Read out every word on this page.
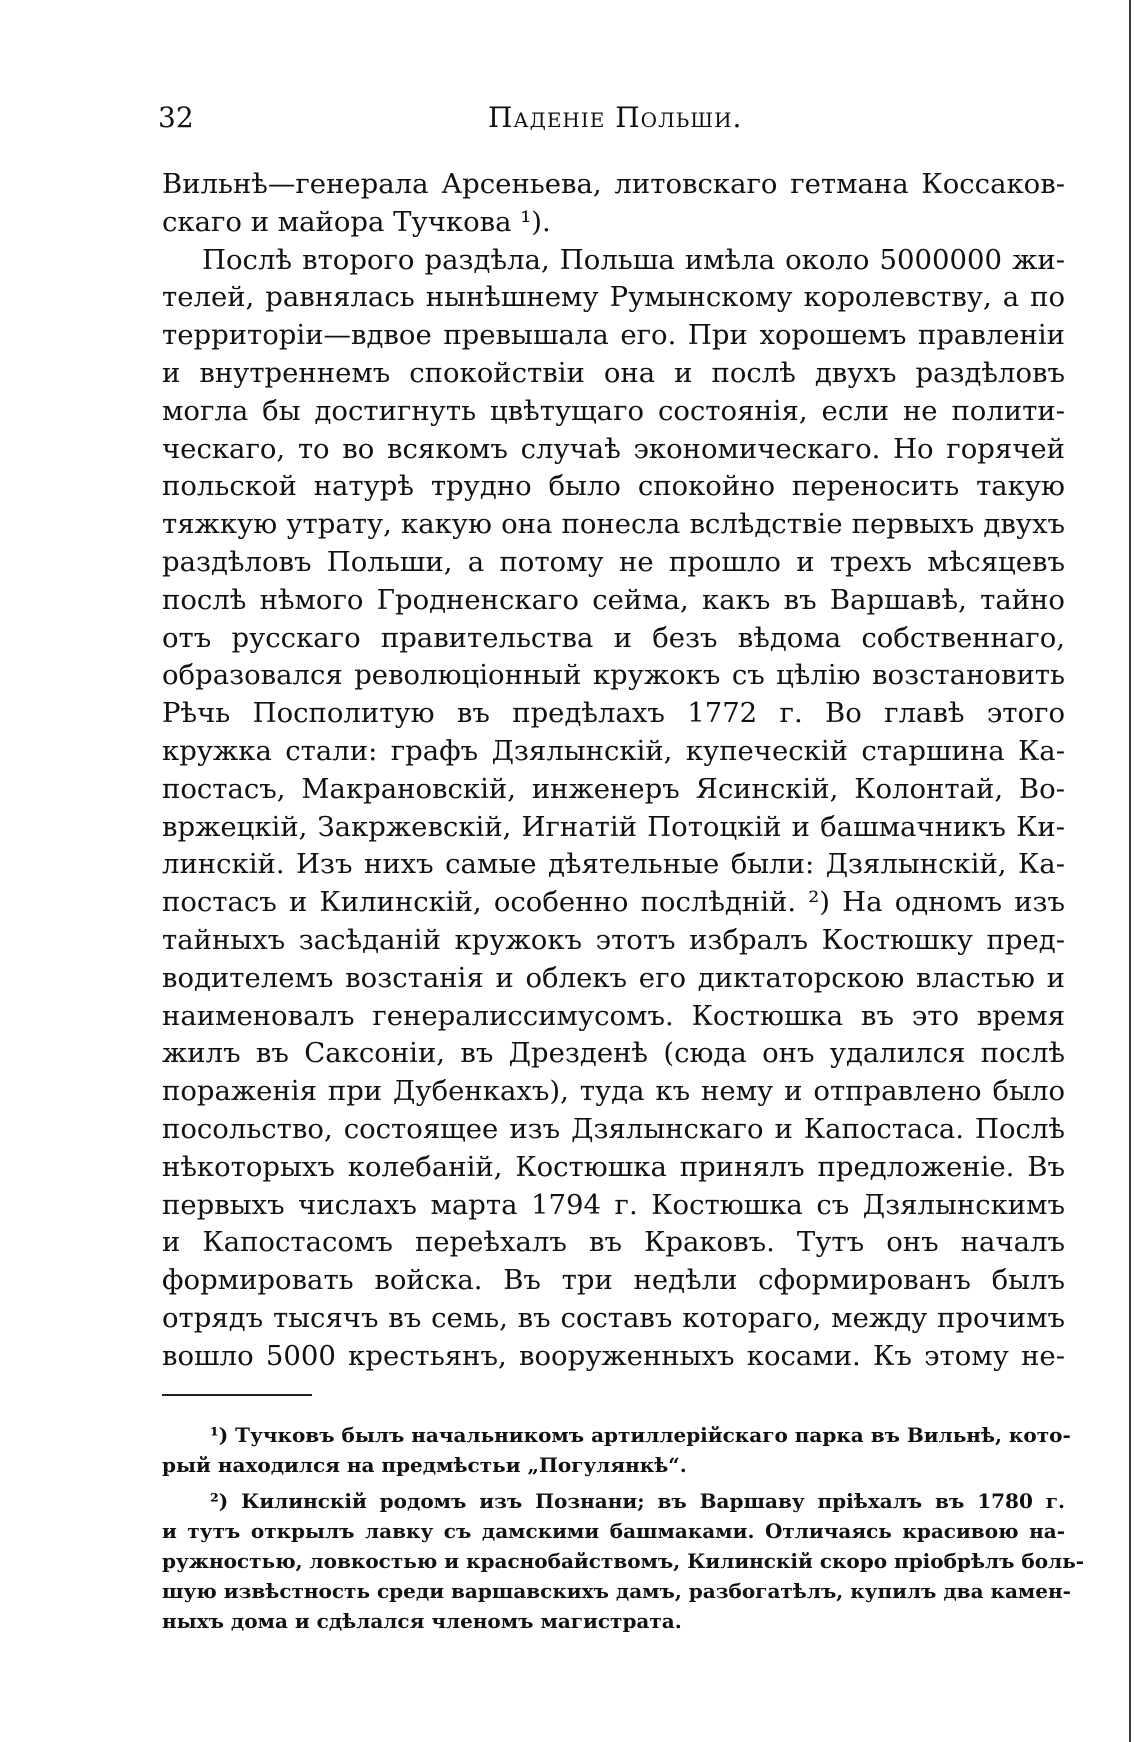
32	Паденіе Польши.
Вильнѣ—генерала Арсеньева, литовскаго гетмана Коссаков-
скаго и майора Тучкова ¹).
Послѣ второго раздѣла, Польша имѣла около 5000000 жи-
телей, равнялась нынѣшнему Румынскому королевству, а по
территоріи—вдвое превышала его. При хорошемъ правленіи
и внутреннемъ спокойствіи она и послѣ двухъ раздѣловъ
могла бы достигнуть цвѣтущаго состоянія, если не полити-
ческаго, то во всякомъ случаѣ экономическаго. Но горячей
польской натурѣ трудно было спокойно переносить такую
тяжкую утрату, какую она понесла вслѣдствіе первыхъ двухъ
раздѣловъ Польши, а потому не прошло и трехъ мѣсяцевъ
послѣ нѣмого Гродненскаго сейма, какъ въ Варшавѣ, тайно
отъ русскаго правительства и безъ вѣдома собственнаго,
образовался революціонный кружокъ съ цѣлію возстановить
Рѣчь Посполитую въ предѣлахъ 1772 г. Во главѣ этого
кружка стали: графъ Дзялынскій, купеческій старшина Ка-
постасъ, Макрановскій, инженеръ Ясинскій, Колонтай, Во-
вржецкій, Закржевскій, Игнатій Потоцкій и башмачникъ Ки-
линскій. Изъ нихъ самые дѣятельные были: Дзялынскій, Ка-
постасъ и Килинскій, особенно послѣдній. ²) На одномъ изъ
тайныхъ засѣданій кружокъ этотъ избралъ Костюшку пред-
водителемъ возстанія и облекъ его диктаторскою властью и
наименовалъ генералиссимусомъ. Костюшка въ это время
жилъ въ Саксоніи, въ Дрезденѣ (сюда онъ удалился послѣ
пораженія при Дубенкахъ), туда къ нему и отправлено было
посольство, состоящее изъ Дзялынскаго и Капостаса. Послѣ
нѣкоторыхъ колебаній, Костюшка принялъ предложеніе. Въ
первыхъ числахъ марта 1794 г. Костюшка съ Дзялынскимъ
и Капостасомъ переѣхалъ въ Краковъ. Тутъ онъ началъ
формировать войска. Въ три недѣли сформированъ былъ
отрядъ тысячъ въ семь, въ составъ котораго, между прочимъ
вошло 5000 крестьянъ, вооруженныхъ косами. Къ этому не-
¹) Тучковъ былъ начальникомъ артиллерійскаго парка въ Вильнѣ, кото-
рый находился на предмѣстьи „Погулянкѣ“.
²) Килинскій родомъ изъ Познани; въ Варшаву пріѣхалъ въ 1780 г.
и тутъ открылъ лавку съ дамскими башмаками. Отличаясь красивою на-
ружностью, ловкостью и краснобайствомъ, Килинскій скоро пріобрѣлъ боль-
шую извѣстность среди варшавскихъ дамъ, разбогатѣлъ, купилъ два камен-
ныхъ дома и сдѣлался членомъ магистрата.
